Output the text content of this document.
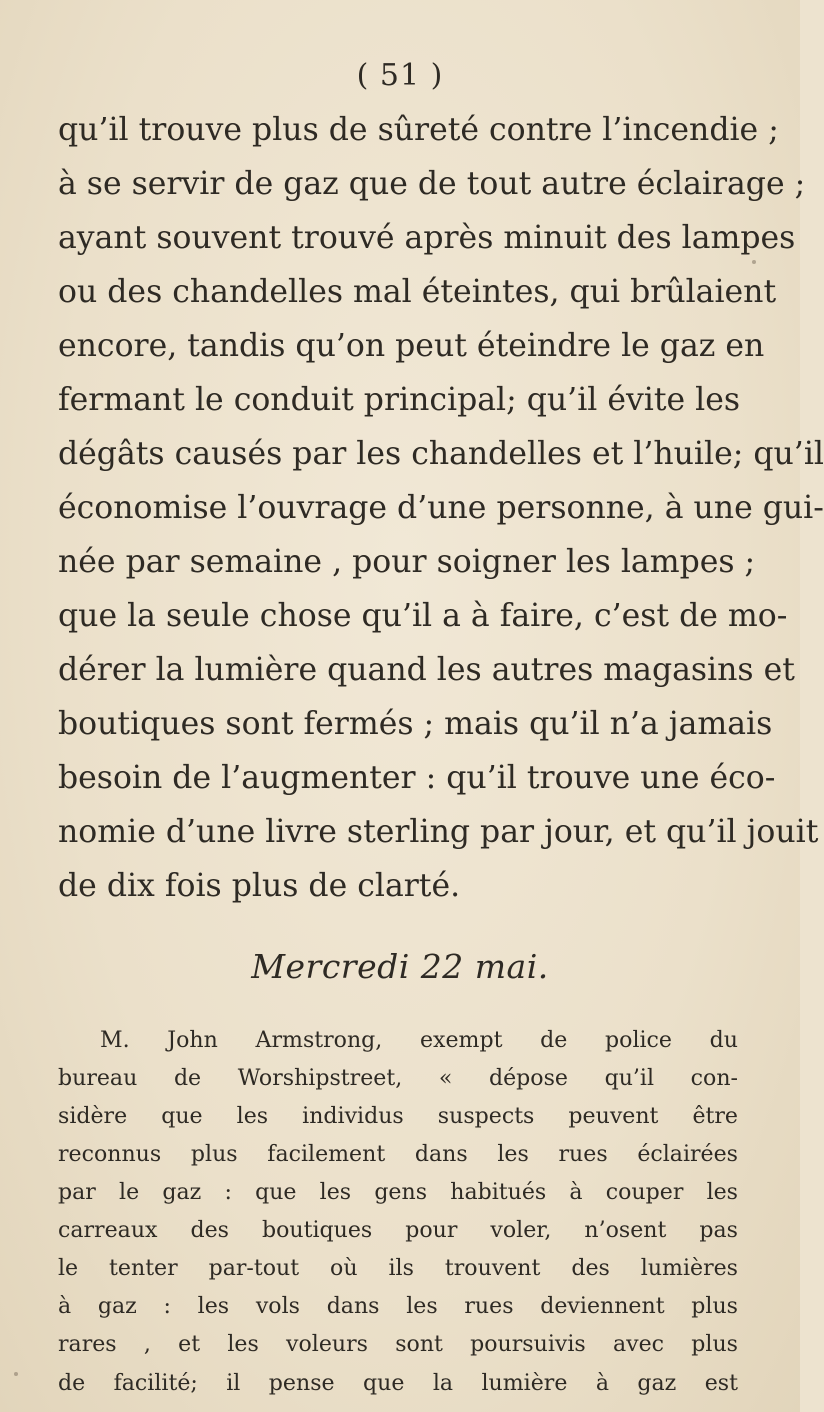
( 51 )
qu’il trouve plus de sûreté contre l’incendie ;
à se servir de gaz que de tout autre éclairage ;
ayant souvent trouvé après minuit des lampes
ou des chandelles mal éteintes, qui brûlaient
encore, tandis qu’on peut éteindre le gaz en
fermant le conduit principal; qu’il évite les
dégâts causés par les chandelles et l’huile; qu’il
économise l’ouvrage d’une personne, à une gui-
née par semaine , pour soigner les lampes ;
que la seule chose qu’il a à faire, c’est de mo-
dérer la lumière quand les autres magasins et
boutiques sont fermés ; mais qu’il n’a jamais
besoin de l’augmenter : qu’il trouve une éco-
nomie d’une livre sterling par jour, et qu’il jouit
de dix fois plus de clarté.
Mercredi 22 mai.
M. John Armstrong, exempt de police du
bureau de Worshipstreet, « dépose qu’il con-
sidère que les individus suspects peuvent être
reconnus plus facilement dans les rues éclairées
par le gaz : que les gens habitués à couper les
carreaux des boutiques pour voler, n’osent pas
le tenter par-tout où ils trouvent des lumières
à gaz : les vols dans les rues deviennent plus
rares , et les voleurs sont poursuivis avec plus
de facilité; il pense que la lumière à gaz est
